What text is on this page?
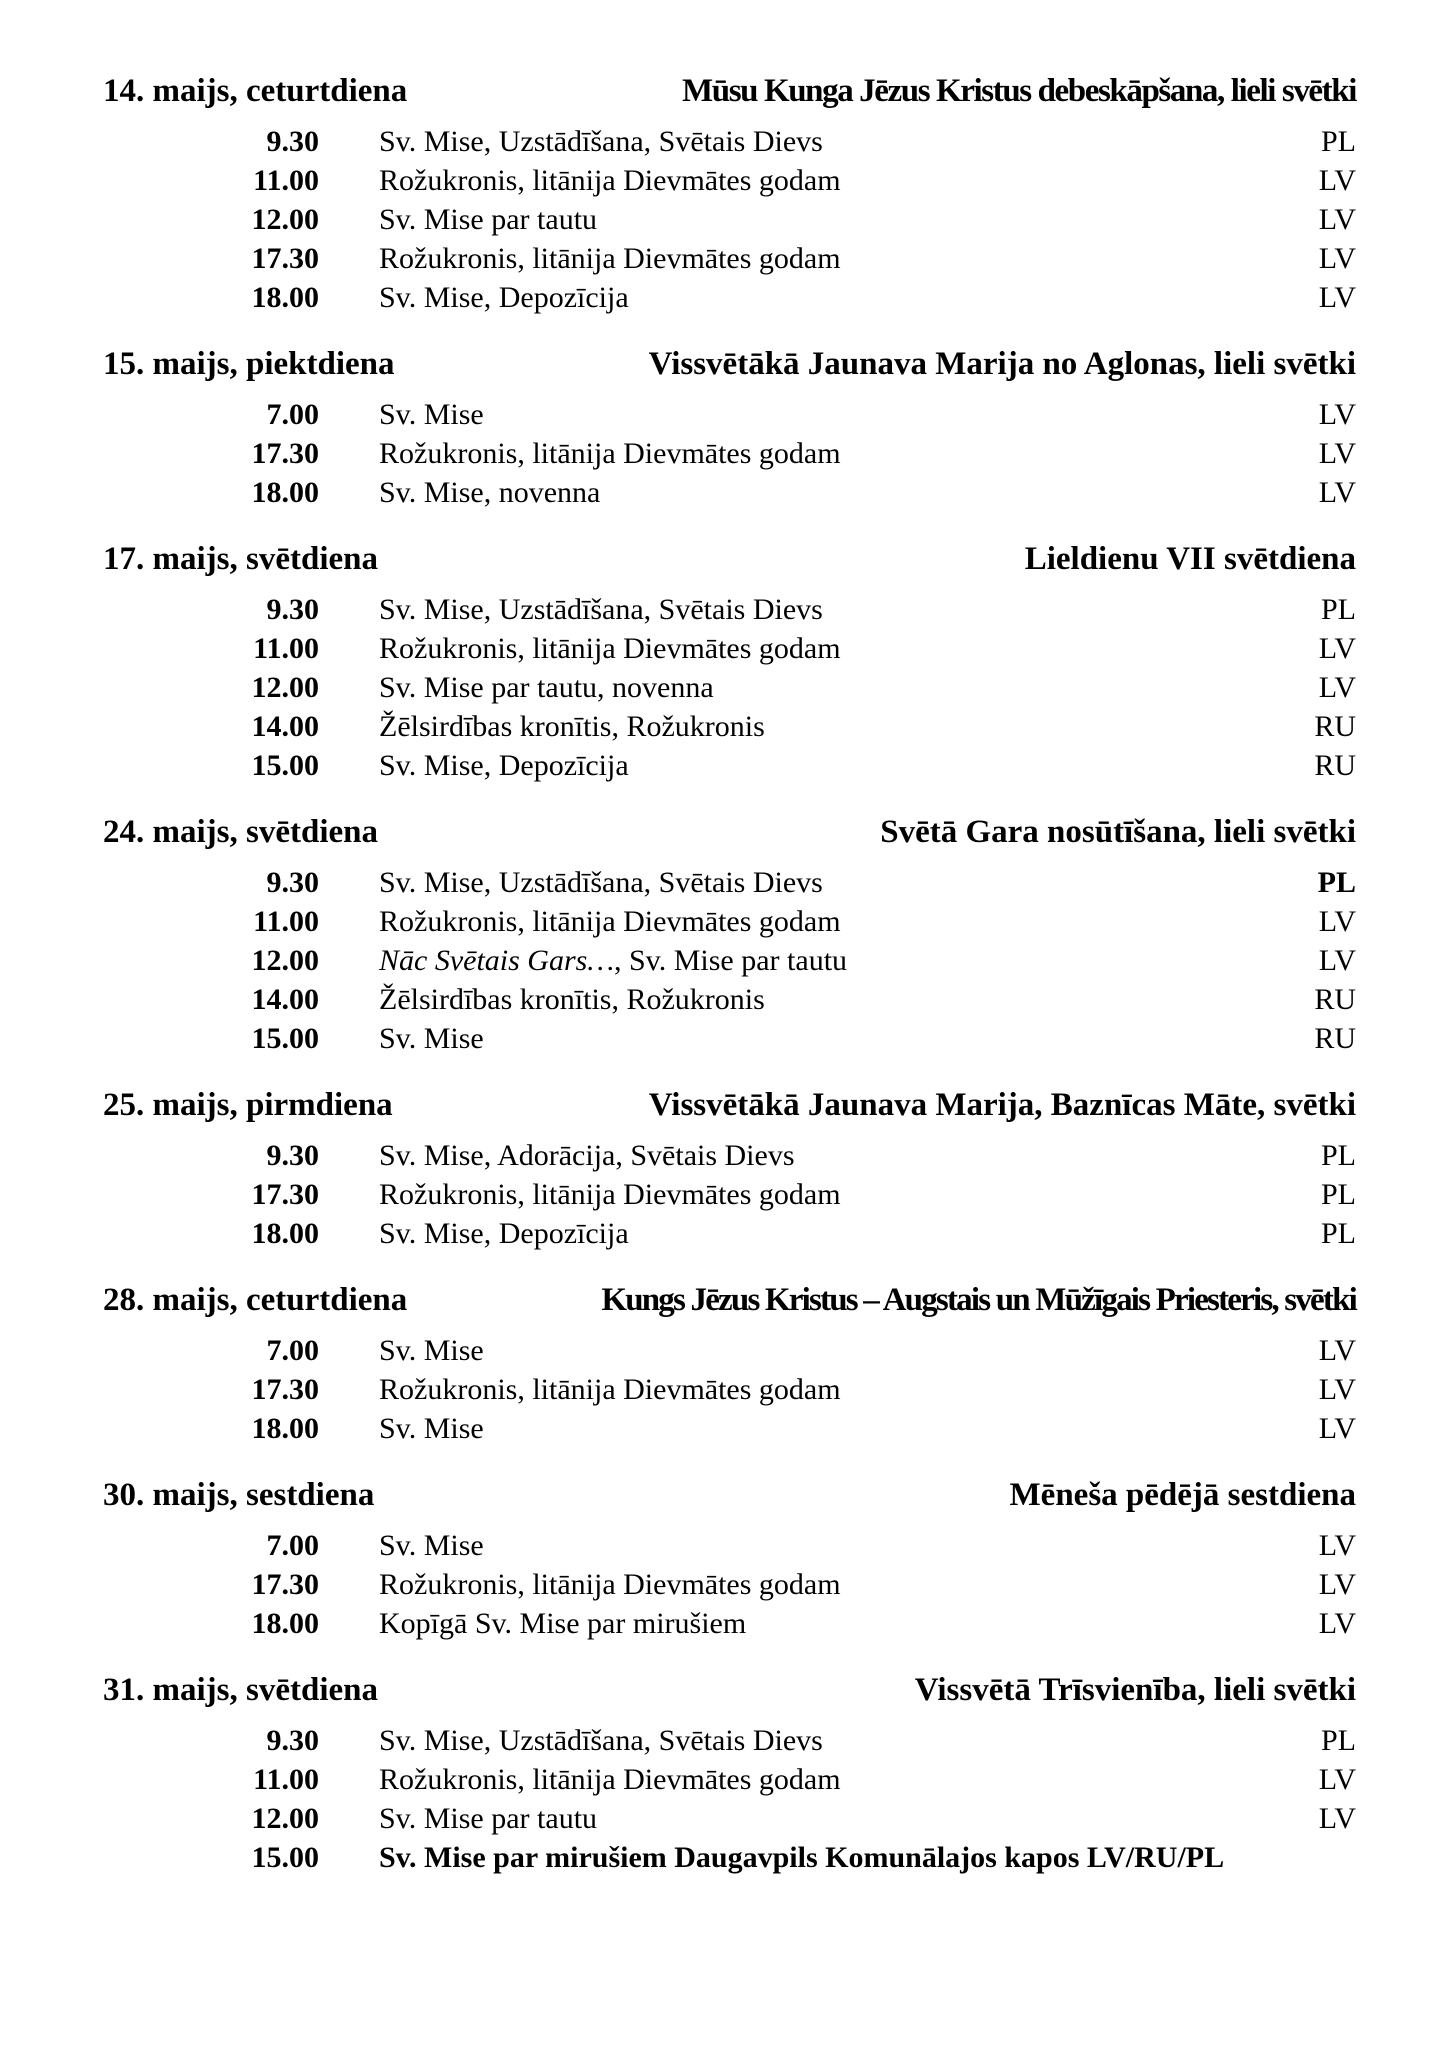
14. maijs, ceturtdiena	Mūsu Kunga Jēzus Kristus debeskāpšana, lieli svētki
9.30 Sv. Mise, Uzstādīšana, Svētais Dievs	PL
11.00 Rožukronis, litānija Dievmātes godam	LV
12.00 Sv. Mise par tautu	LV
17.30 Rožukronis, litānija Dievmātes godam	LV
18.00 Sv. Mise, Depozīcija	LV
15. maijs, piektdiena	Vissvētākā Jaunava Marija no Aglonas, lieli svētki
7.00 Sv. Mise	LV
17.30 Rožukronis, litānija Dievmātes godam	LV
18.00 Sv. Mise, novenna	LV
17. maijs, svētdiena	Lieldienu VII svētdiena
9.30 Sv. Mise, Uzstādīšana, Svētais Dievs	PL
11.00 Rožukronis, litānija Dievmātes godam	LV
12.00 Sv. Mise par tautu, novenna	LV
14.00 Žēlsirdības kronītis, Rožukronis	RU
15.00 Sv. Mise, Depozīcija	RU
24. maijs, svētdiena	Svētā Gara nosūtīšana, lieli svētki
9.30 Sv. Mise, Uzstādīšana, Svētais Dievs	PL
11.00 Rožukronis, litānija Dievmātes godam	LV
12.00 Nāc Svētais Gars…, Sv. Mise par tautu	LV
14.00 Žēlsirdības kronītis, Rožukronis	RU
15.00 Sv. Mise	RU
25. maijs, pirmdiena	Vissvētākā Jaunava Marija, Baznīcas Māte, svētki
9.30 Sv. Mise, Adorācija, Svētais Dievs	PL
17.30 Rožukronis, litānija Dievmātes godam	PL
18.00 Sv. Mise, Depozīcija	PL
28. maijs, ceturtdiena	Kungs Jēzus Kristus – Augstais un Mūžīgais Priesteris, svētki
7.00 Sv. Mise	LV
17.30 Rožukronis, litānija Dievmātes godam	LV
18.00 Sv. Mise	LV
30. maijs, sestdiena	Mēneša pēdējā sestdiena
7.00 Sv. Mise	LV
17.30 Rožukronis, litānija Dievmātes godam	LV
18.00 Kopīgā Sv. Mise par mirušiem	LV
31. maijs, svētdiena	Vissvētā Trīsvienība, lieli svētki
9.30 Sv. Mise, Uzstādīšana, Svētais Dievs	PL
11.00 Rožukronis, litānija Dievmātes godam	LV
12.00 Sv. Mise par tautu	LV
15.00 Sv. Mise par mirušiem Daugavpils Komunālajos kapos LV/RU/PL
